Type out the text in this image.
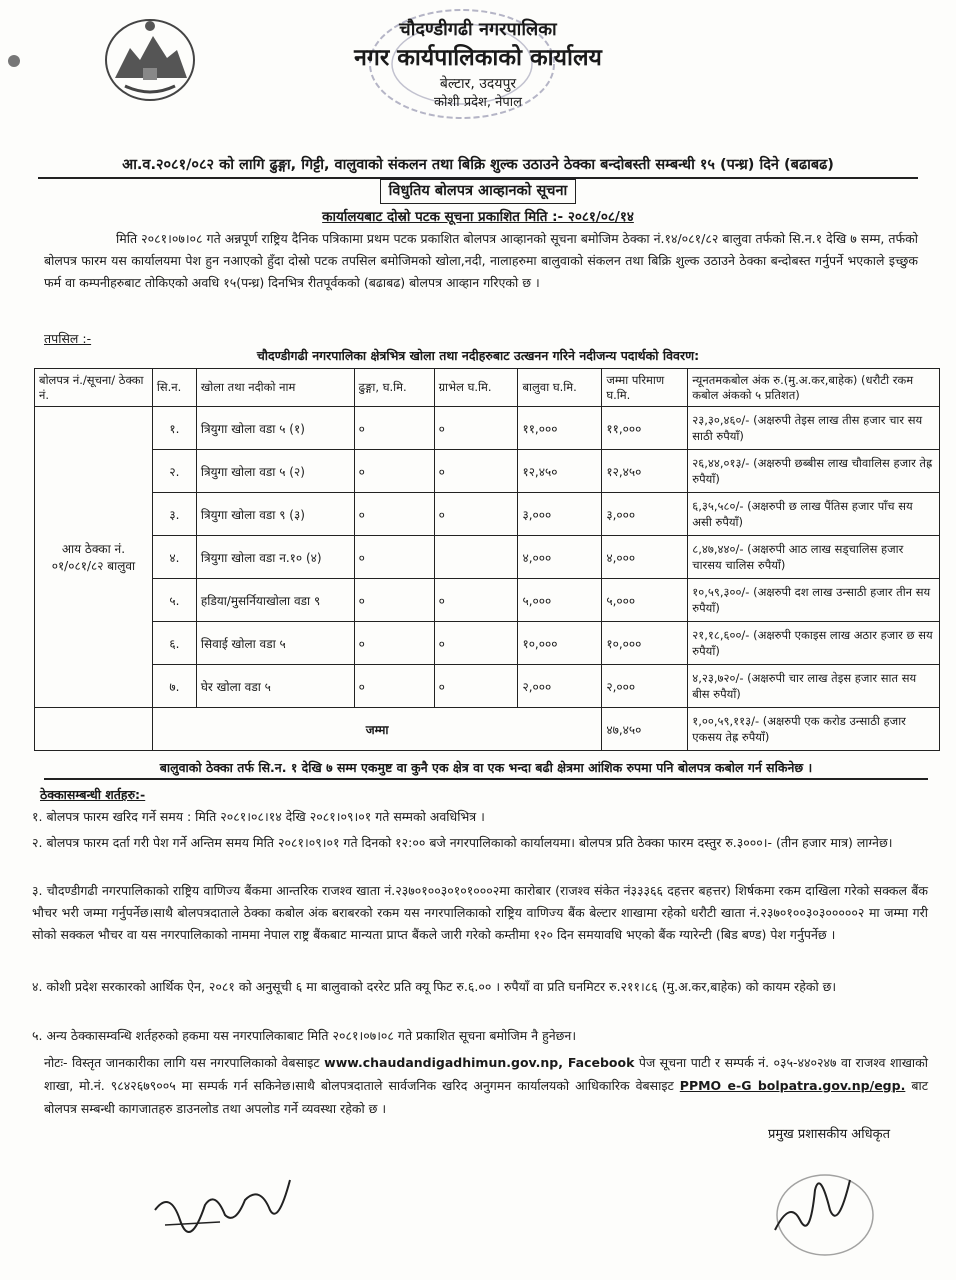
चौदण्डीगढी नगरपालिका
नगर कार्यपालिकाको कार्यालय
बेल्टार, उदयपुर
कोशी प्रदेश, नेपाल
आ.व.२०८१/०८२ को लागि ढुङ्गा, गिट्टी, वालुवाको संकलन तथा बिक्रि शुल्क उठाउने ठेक्का बन्दोबस्ती सम्बन्धी १५ (पन्ध्र) दिने (बढाबढ)
विधुतिय बोलपत्र आव्हानको सूचना
कार्यालयबाट दोस्रो पटक सूचना प्रकाशित मिति :- २०८१/०८/१४

मिति २०८१।०७।०८ गते अन्नपूर्ण राष्ट्रिय दैनिक पत्रिकामा प्रथम पटक प्रकाशित बोलपत्र आव्हानको सूचना बमोजिम ठेक्का नं.१४/०८१/८२ बालुवा तर्फको सि.न.१ देखि ७ सम्म, तर्फको बोलपत्र फारम यस कार्यालयमा पेश हुन नआएको हुँदा दोस्रो पटक तपसिल बमोजिमको खोला,नदी, नालाहरुमा बालुवाको संकलन तथा बिक्रि शुल्क उठाउने ठेक्का बन्दोबस्त गर्नुपर्ने भएकाले इच्छुक फर्म वा कम्पनीहरुबाट तोकिएको अवधि १५(पन्ध्र) दिनभित्र रीतपूर्वकको (बढाबढ) बोलपत्र आव्हान गरिएको छ ।

तपसिल :-
चौदण्डीगढी नगरपालिका क्षेत्रभित्र खोला तथा नदीहरुबाट उत्खनन गरिने नदीजन्य पदार्थको विवरण:
बोलपत्र नं./सूचना/ ठेक्का नं.	सि.न.	खोला तथा नदीको नाम	ढुङ्गा, घ.मि.	ग्राभेल घ.मि.	बालुवा घ.मि.	जम्मा परिमाण घ.मि.	न्यूनतमकबोल अंक रु.(मु.अ.कर,बाहेक) (धरौटी रकम कबोल अंकको ५ प्रतिशत)
आय ठेक्का नं. ०१/०८१/८२ बालुवा	१.	त्रियुगा खोला वडा ५ (१)	०	०	११,०००	११,०००	२३,३०,४६०/- (अक्षरुपी तेइस लाख तीस हजार चार सय साठी रुपैयाँ)
	२.	त्रियुगा खोला वडा ५ (२)	०	०	१२,४५०	१२,४५०	२६,४४,०१३/- (अक्षरुपी छब्बीस लाख चौवालिस हजार तेह्र रुपैयाँ)
	३.	त्रियुगा खोला वडा ९ (३)	०	०	३,०००	३,०००	६,३५,५८०/- (अक्षरुपी छ लाख पैंतिस हजार पाँच सय असी रुपैयाँ)
	४.	त्रियुगा खोला वडा न.१० (४)	०		४,०००	४,०००	८,४७,४४०/- (अक्षरुपी आठ लाख सड्चालिस हजार चारसय चालिस रुपैयाँ)
	५.	हडिया/मुसर्नियाखोला वडा ९	०	०	५,०००	५,०००	१०,५९,३००/- (अक्षरुपी दश लाख उन्साठी हजार तीन सय रुपैयाँ)
	६.	सिवाई खोला वडा ५	०	०	१०,०००	१०,०००	२१,१८,६००/- (अक्षरुपी एकाइस लाख अठार हजार छ सय रुपैयाँ)
	७.	घेर खोला वडा ५	०	०	२,०००	२,०००	४,२३,७२०/- (अक्षरुपी चार लाख तेइस हजार सात सय बीस रुपैयाँ)
	जम्मा					४७,४५०	१,००,५९,११३/- (अक्षरुपी एक करोड उन्साठी हजार एकसय तेह्र रुपैयाँ)
बालुवाको ठेक्का तर्फ सि.न. १ देखि ७ सम्म एकमुष्ट वा कुनै एक क्षेत्र वा एक भन्दा बढी क्षेत्रमा आंशिक रुपमा पनि बोलपत्र कबोल गर्न सकिनेछ ।
ठेक्कासम्बन्धी शर्तहरु:-
१. बोलपत्र फारम खरिद गर्ने समय : मिति २०८१।०८।१४ देखि २०८१।०९।०१ गते सम्मको अवधिभित्र ।
२. बोलपत्र फारम दर्ता गरी पेश गर्ने अन्तिम समय मिति २०८१।०९।०१ गते दिनको १२:०० बजे नगरपालिकाको कार्यालयमा। बोलपत्र प्रति ठेक्का फारम दस्तुर रु.३०००।- (तीन हजार मात्र) लाग्नेछ।
३. चौदण्डीगढी नगरपालिकाको राष्ट्रिय वाणिज्य बैंकमा आन्तरिक राजश्व खाता नं.२३७०१००३०१०१०००२मा कारोबार (राजश्व संकेत नं३३३६६ दहत्तर बहत्तर) शिर्षकमा रकम दाखिला गरेको सक्कल बैंक भौचर भरी जम्मा गर्नुपर्नेछ।साथै बोलपत्रदाताले ठेक्का कबोल अंक बराबरको रकम यस नगरपालिकाको राष्ट्रिय वाणिज्य बैंक बेल्टार शाखामा रहेको धरौटी खाता नं.२३७०१००३०३०००००२ मा जम्मा गरी सोको सक्कल भौचर वा यस नगरपालिकाको नाममा नेपाल राष्ट्र बैंकबाट मान्यता प्राप्त बैंकले जारी गरेको कम्तीमा १२० दिन समयावधि भएको बैंक ग्यारेन्टी (बिड बण्ड) पेश गर्नुपर्नेछ ।
४. कोशी प्रदेश सरकारको आर्थिक ऐन, २०८१ को अनुसूची ६ मा बालुवाको दररेट प्रति क्यू फिट रु.६.०० । रुपैयाँ वा प्रति घनमिटर रु.२११।८६ (मु.अ.कर,बाहेक) को कायम रहेको छ।
५. अन्य ठेक्कासम्वन्धि शर्तहरुको हकमा यस नगरपालिकाबाट मिति २०८१।०७।०८ गते प्रकाशित सूचना बमोजिम नै हुनेछन।

नोटः- विस्तृत जानकारीका लागि यस नगरपालिकाको वेबसाइट www.chaudandigadhimun.gov.np, Facebook पेज सूचना पाटी र सम्पर्क नं. ०३५-४४०२४७ वा राजश्व शाखाको शाखा, मो.नं. ९८४२६७९००५ मा सम्पर्क गर्न सकिनेछ।साथै बोलपत्रदाताले सार्वजनिक खरिद अनुगमन कार्यालयको आधिकारिक वेबसाइट PPMO e-G bolpatra.gov.np/egp. बाट बोलपत्र सम्बन्धी कागजातहरु डाउनलोड तथा अपलोड गर्ने व्यवस्था रहेको छ ।

प्रमुख प्रशासकीय अधिकृत
